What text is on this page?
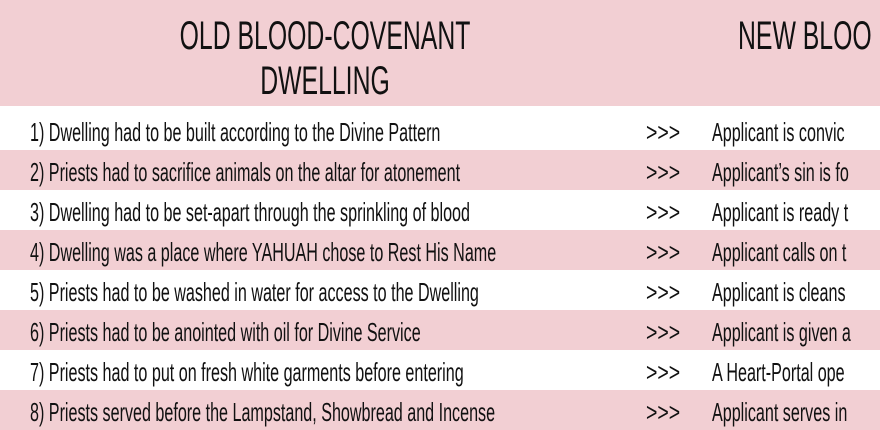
OLD BLOOD-COVENANT DWELLING
NEW BLOO
1) Dwelling had to be built according to the Divine Pattern	>>> Applicant is convic
2) Priests had to sacrifice animals on the altar for atonement	>>> Applicant’s sin is fo
3) Dwelling had to be set-apart through the sprinkling of blood	>>> Applicant is ready t
4) Dwelling was a place where YAHUAH chose to Rest His Name	>>> Applicant calls on t
5) Priests had to be washed in water for access to the Dwelling	>>> Applicant is cleans
6) Priests had to be anointed with oil for Divine Service	>>> Applicant is given a
7) Priests had to put on fresh white garments before entering	>>> A Heart-Portal ope
8) Priests served before the Lampstand, Showbread and Incense	>>> Applicant serves in
